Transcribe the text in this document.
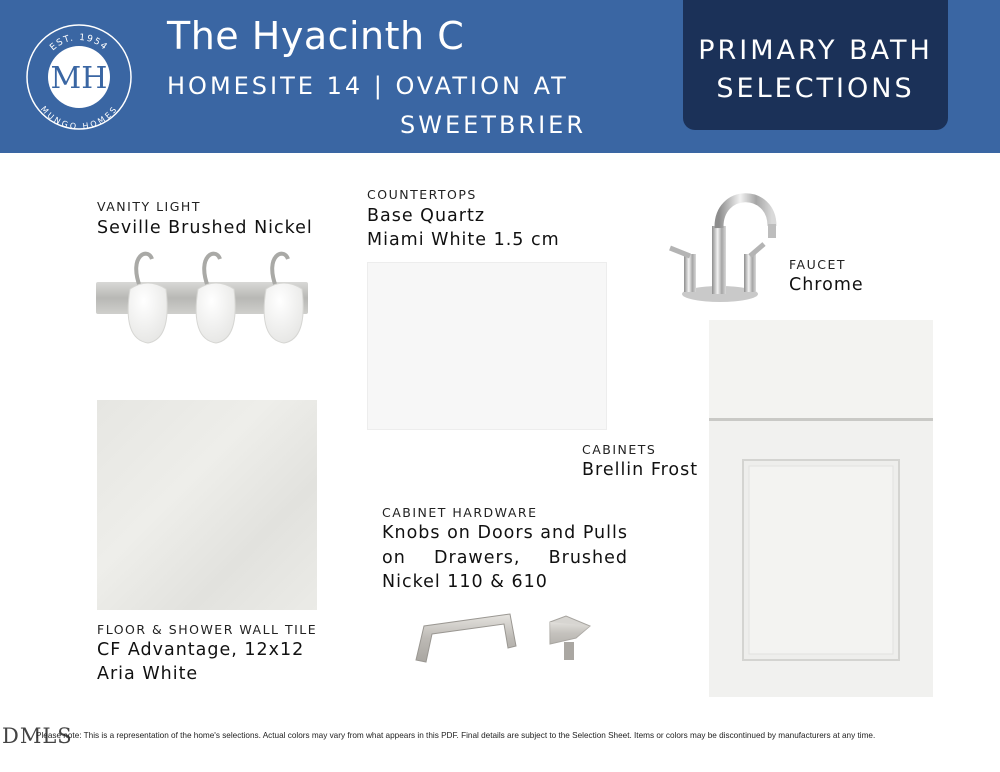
EST. 1954
MUNGO HOMES
MH
The Hyacinth C
HOMESITE 14 | OVATION AT
SWEETBRIER
PRIMARY BATH
SELECTIONS
VANITY LIGHT
Seville Brushed Nickel
COUNTERTOPS
Base Quartz
Miami White 1.5 cm
FAUCET
Chrome
CABINETS
Brellin Frost
FLOOR & SHOWER WALL TILE
CF Advantage, 12x12
Aria White
CABINET HARDWARE
Knobs on Doors and Pulls
on Drawers, Brushed
Nickel 110 & 610
DMLS
Please note: This is a representation of the home's selections. Actual colors may vary from what appears in this PDF. Final details are subject to the Selection Sheet. Items or colors may be discontinued by manufacturers at any time.
